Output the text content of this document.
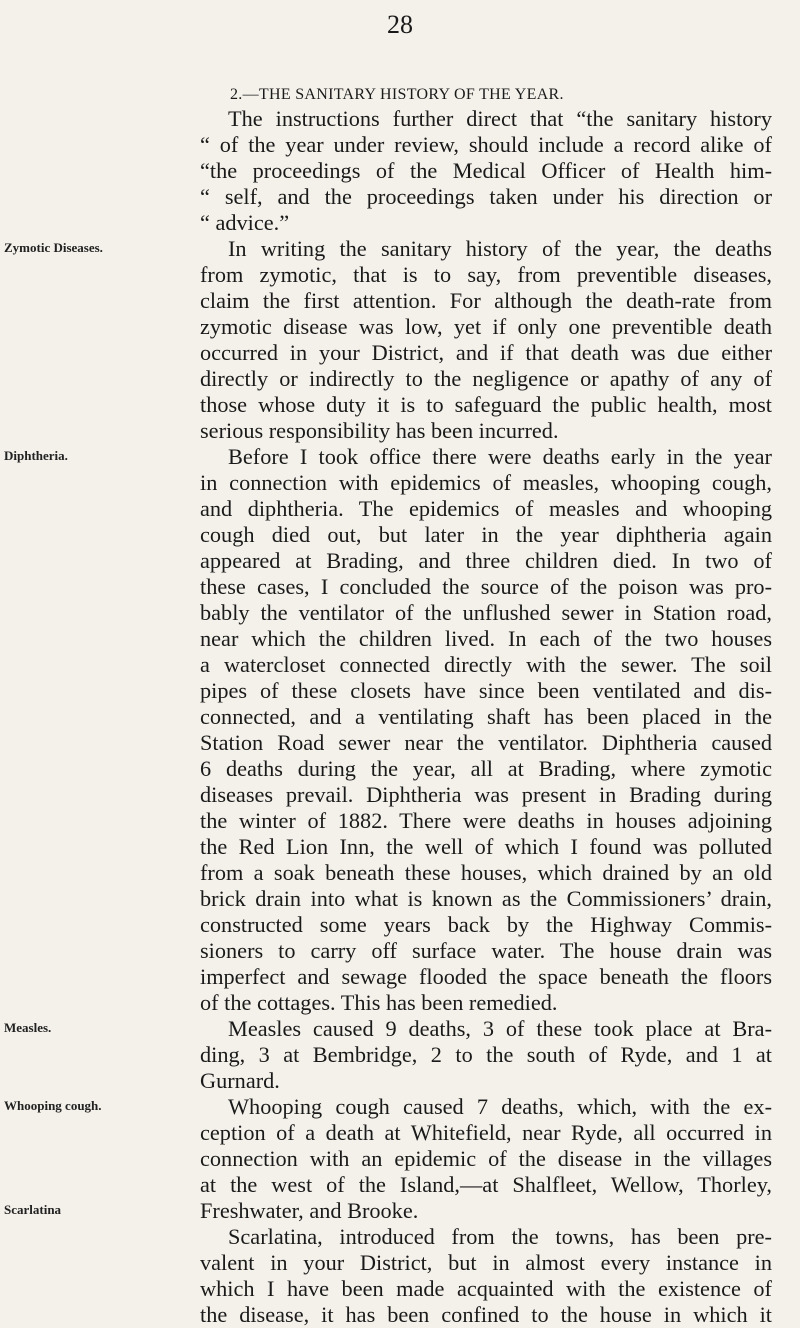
28
2.—THE SANITARY HISTORY OF THE YEAR.
Zymotic Diseases.
Diphtheria.
Measles.
Whooping cough.
Scarlatina
The instructions further direct that “the sanitary history
“ of the year under review, should include a record alike of
“the proceedings of the Medical Officer of Health him-
“ self, and the proceedings taken under his direction or
“ advice.”
In writing the sanitary history of the year, the deaths
from zymotic, that is to say, from preventible diseases,
claim the first attention. For although the death-rate from
zymotic disease was low, yet if only one preventible death
occurred in your District, and if that death was due either
directly or indirectly to the negligence or apathy of any of
those whose duty it is to safeguard the public health, most
serious responsibility has been incurred.
Before I took office there were deaths early in the year
in connection with epidemics of measles, whooping cough,
and diphtheria. The epidemics of measles and whooping
cough died out, but later in the year diphtheria again
appeared at Brading, and three children died. In two of
these cases, I concluded the source of the poison was pro-
bably the ventilator of the unflushed sewer in Station road,
near which the children lived. In each of the two houses
a watercloset connected directly with the sewer. The soil
pipes of these closets have since been ventilated and dis-
connected, and a ventilating shaft has been placed in the
Station Road sewer near the ventilator. Diphtheria caused
6 deaths during the year, all at Brading, where zymotic
diseases prevail. Diphtheria was present in Brading during
the winter of 1882. There were deaths in houses adjoining
the Red Lion Inn, the well of which I found was polluted
from a soak beneath these houses, which drained by an old
brick drain into what is known as the Commissioners’ drain,
constructed some years back by the Highway Commis-
sioners to carry off surface water. The house drain was
imperfect and sewage flooded the space beneath the floors
of the cottages. This has been remedied.
Measles caused 9 deaths, 3 of these took place at Bra-
ding, 3 at Bembridge, 2 to the south of Ryde, and 1 at
Gurnard.
Whooping cough caused 7 deaths, which, with the ex-
ception of a death at Whitefield, near Ryde, all occurred in
connection with an epidemic of the disease in the villages
at the west of the Island,—at Shalfleet, Wellow, Thorley,
Freshwater, and Brooke.
Scarlatina, introduced from the towns, has been pre-
valent in your District, but in almost every instance in
which I have been made acquainted with the existence of
the disease, it has been confined to the house in which it
